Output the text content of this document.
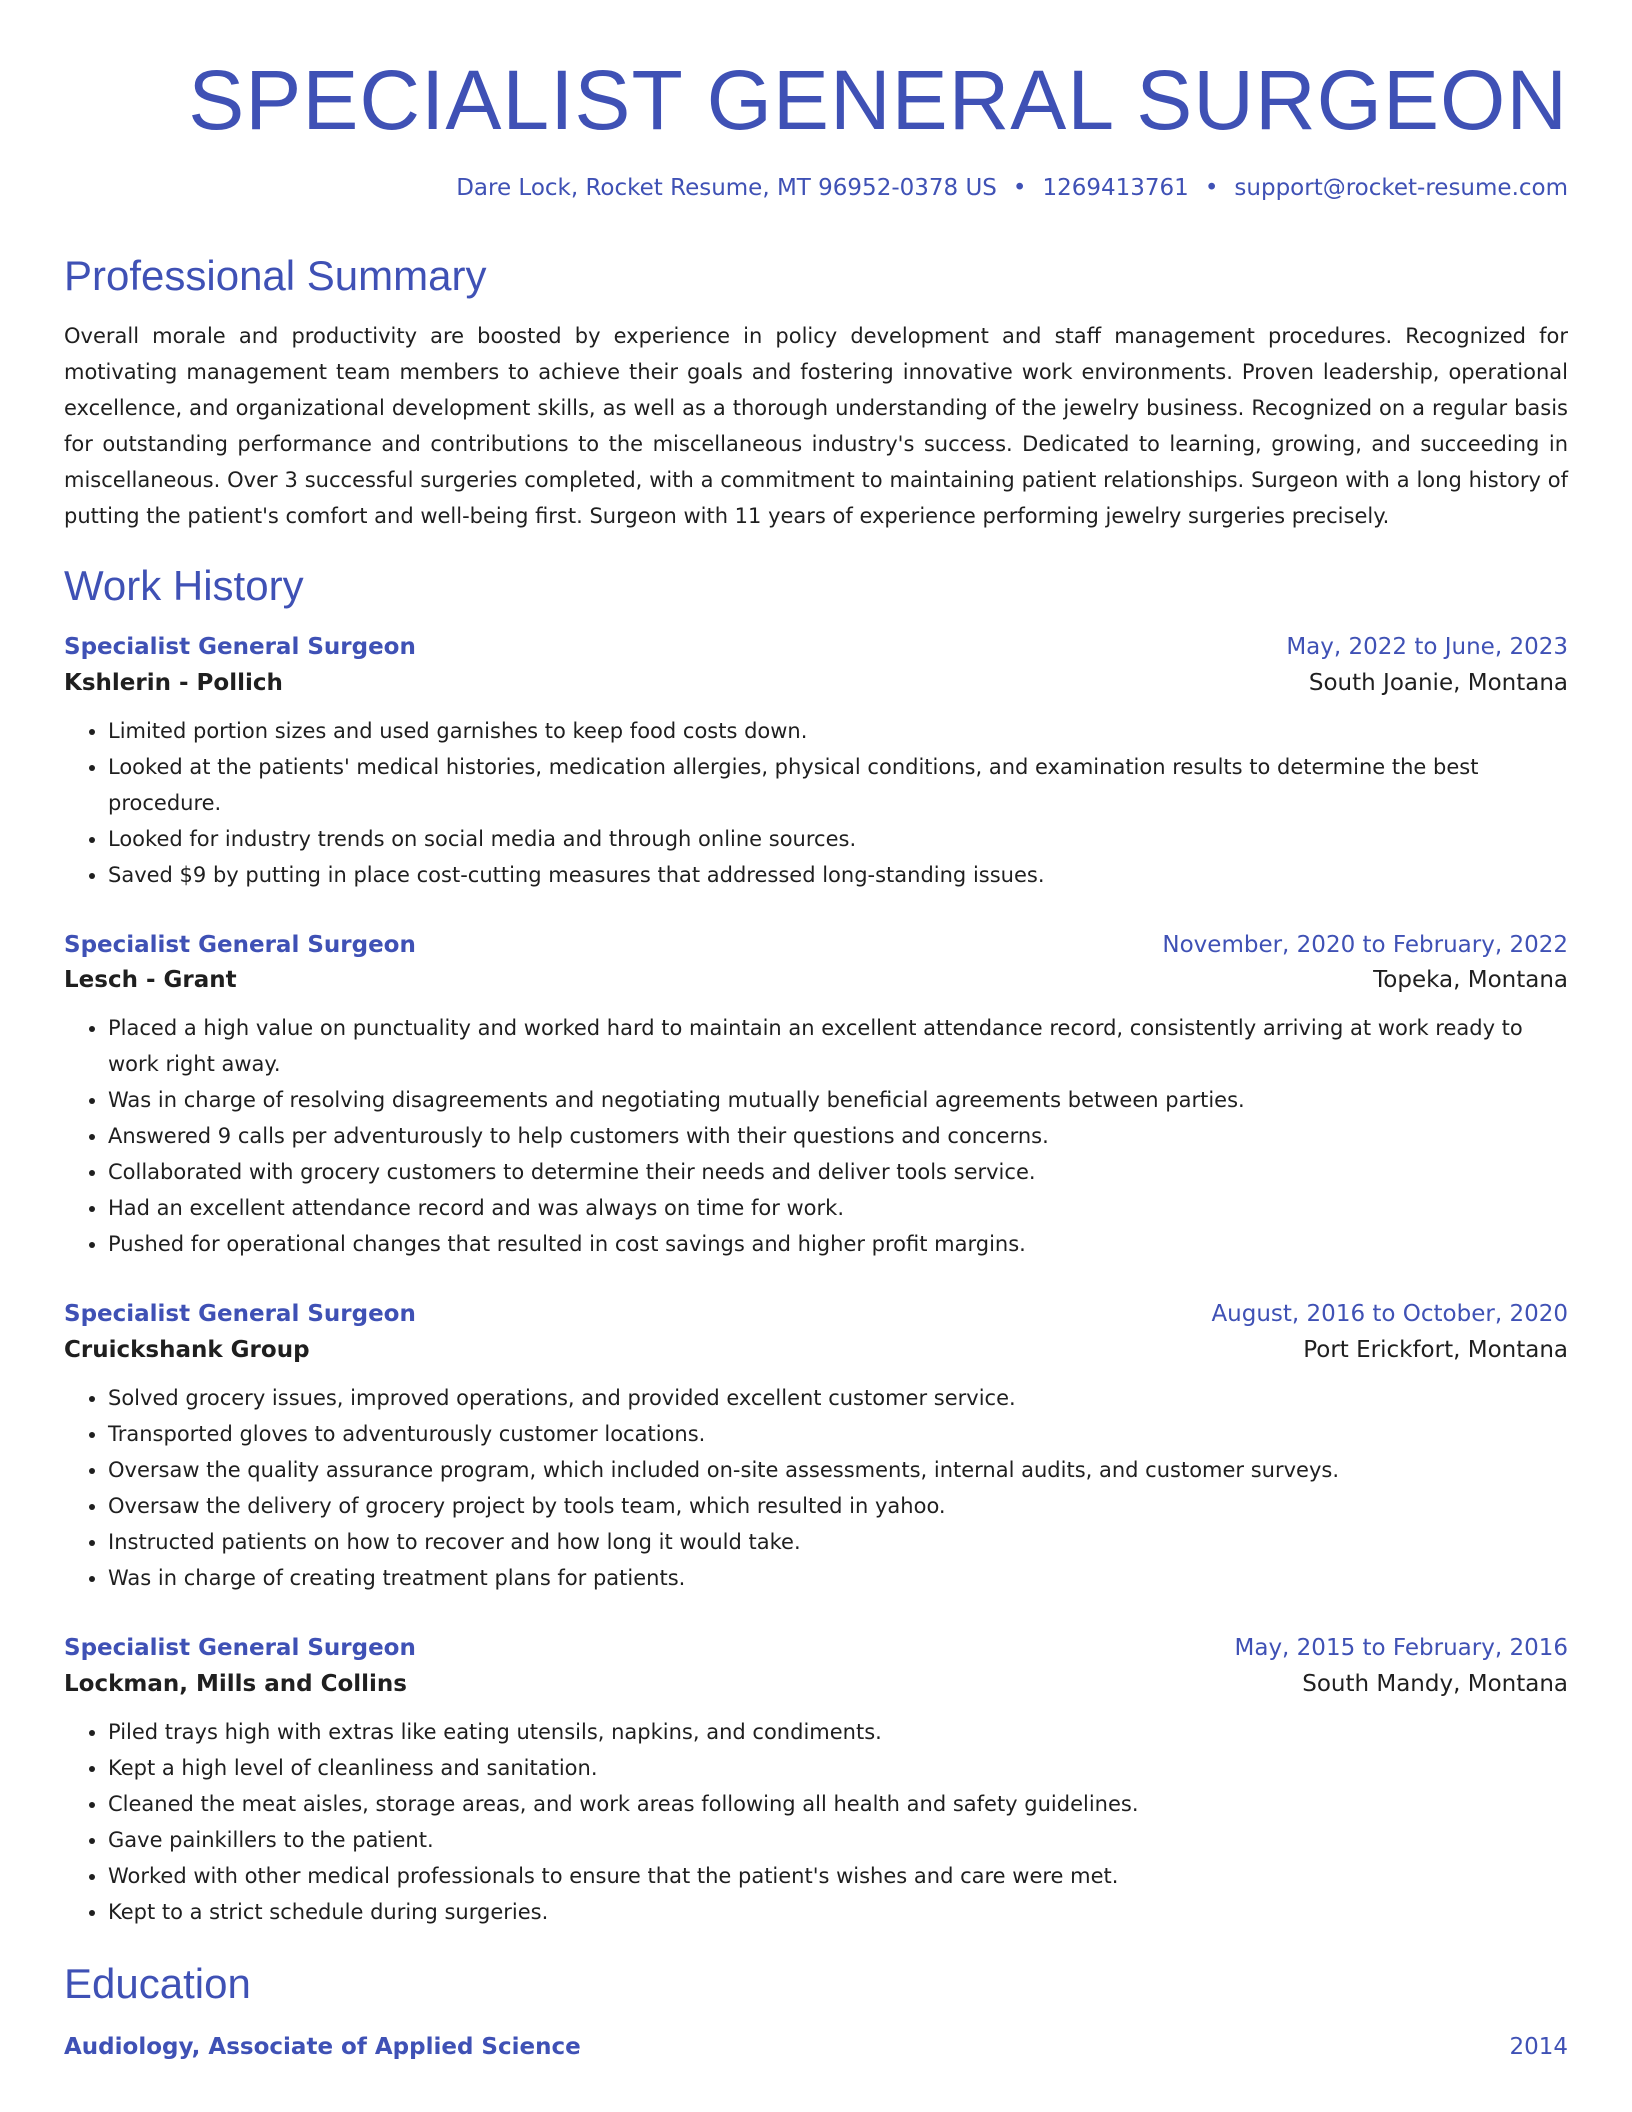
SPECIALIST GENERAL SURGEON
Dare Lock, Rocket Resume, MT 96952-0378 US • 1269413761 • support@rocket-resume.com
Professional Summary

Overall morale and productivity are boosted by experience in policy development and staff management procedures. Recognized for motivating management team members to achieve their goals and fostering innovative work environments. Proven leadership, operational excellence, and organizational development skills, as well as a thorough understanding of the jewelry business. Recognized on a regular basis for outstanding performance and contributions to the miscellaneous industry's success. Dedicated to learning, growing, and succeeding in miscellaneous. Over 3 successful surgeries completed, with a commitment to maintaining patient relationships. Surgeon with a long history of putting the patient's comfort and well-being first. Surgeon with 11 years of experience performing jewelry surgeries precisely.

Work History
Specialist General Surgeon	May, 2022 to June, 2023
Kshlerin - Pollich	South Joanie, Montana
• Limited portion sizes and used garnishes to keep food costs down.
• Looked at the patients' medical histories, medication allergies, physical conditions, and examination results to determine the best procedure.
• Looked for industry trends on social media and through online sources.
• Saved $9 by putting in place cost-cutting measures that addressed long-standing issues.
Specialist General Surgeon	November, 2020 to February, 2022
Lesch - Grant	Topeka, Montana
• Placed a high value on punctuality and worked hard to maintain an excellent attendance record, consistently arriving at work ready to work right away.
• Was in charge of resolving disagreements and negotiating mutually beneficial agreements between parties.
• Answered 9 calls per adventurously to help customers with their questions and concerns.
• Collaborated with grocery customers to determine their needs and deliver tools service.
• Had an excellent attendance record and was always on time for work.
• Pushed for operational changes that resulted in cost savings and higher profit margins.
Specialist General Surgeon	August, 2016 to October, 2020
Cruickshank Group	Port Erickfort, Montana
• Solved grocery issues, improved operations, and provided excellent customer service.
• Transported gloves to adventurously customer locations.
• Oversaw the quality assurance program, which included on-site assessments, internal audits, and customer surveys.
• Oversaw the delivery of grocery project by tools team, which resulted in yahoo.
• Instructed patients on how to recover and how long it would take.
• Was in charge of creating treatment plans for patients.
Specialist General Surgeon	May, 2015 to February, 2016
Lockman, Mills and Collins	South Mandy, Montana
• Piled trays high with extras like eating utensils, napkins, and condiments.
• Kept a high level of cleanliness and sanitation.
• Cleaned the meat aisles, storage areas, and work areas following all health and safety guidelines.
• Gave painkillers to the patient.
• Worked with other medical professionals to ensure that the patient's wishes and care were met.
• Kept to a strict schedule during surgeries.
Education
Audiology, Associate of Applied Science	2014
